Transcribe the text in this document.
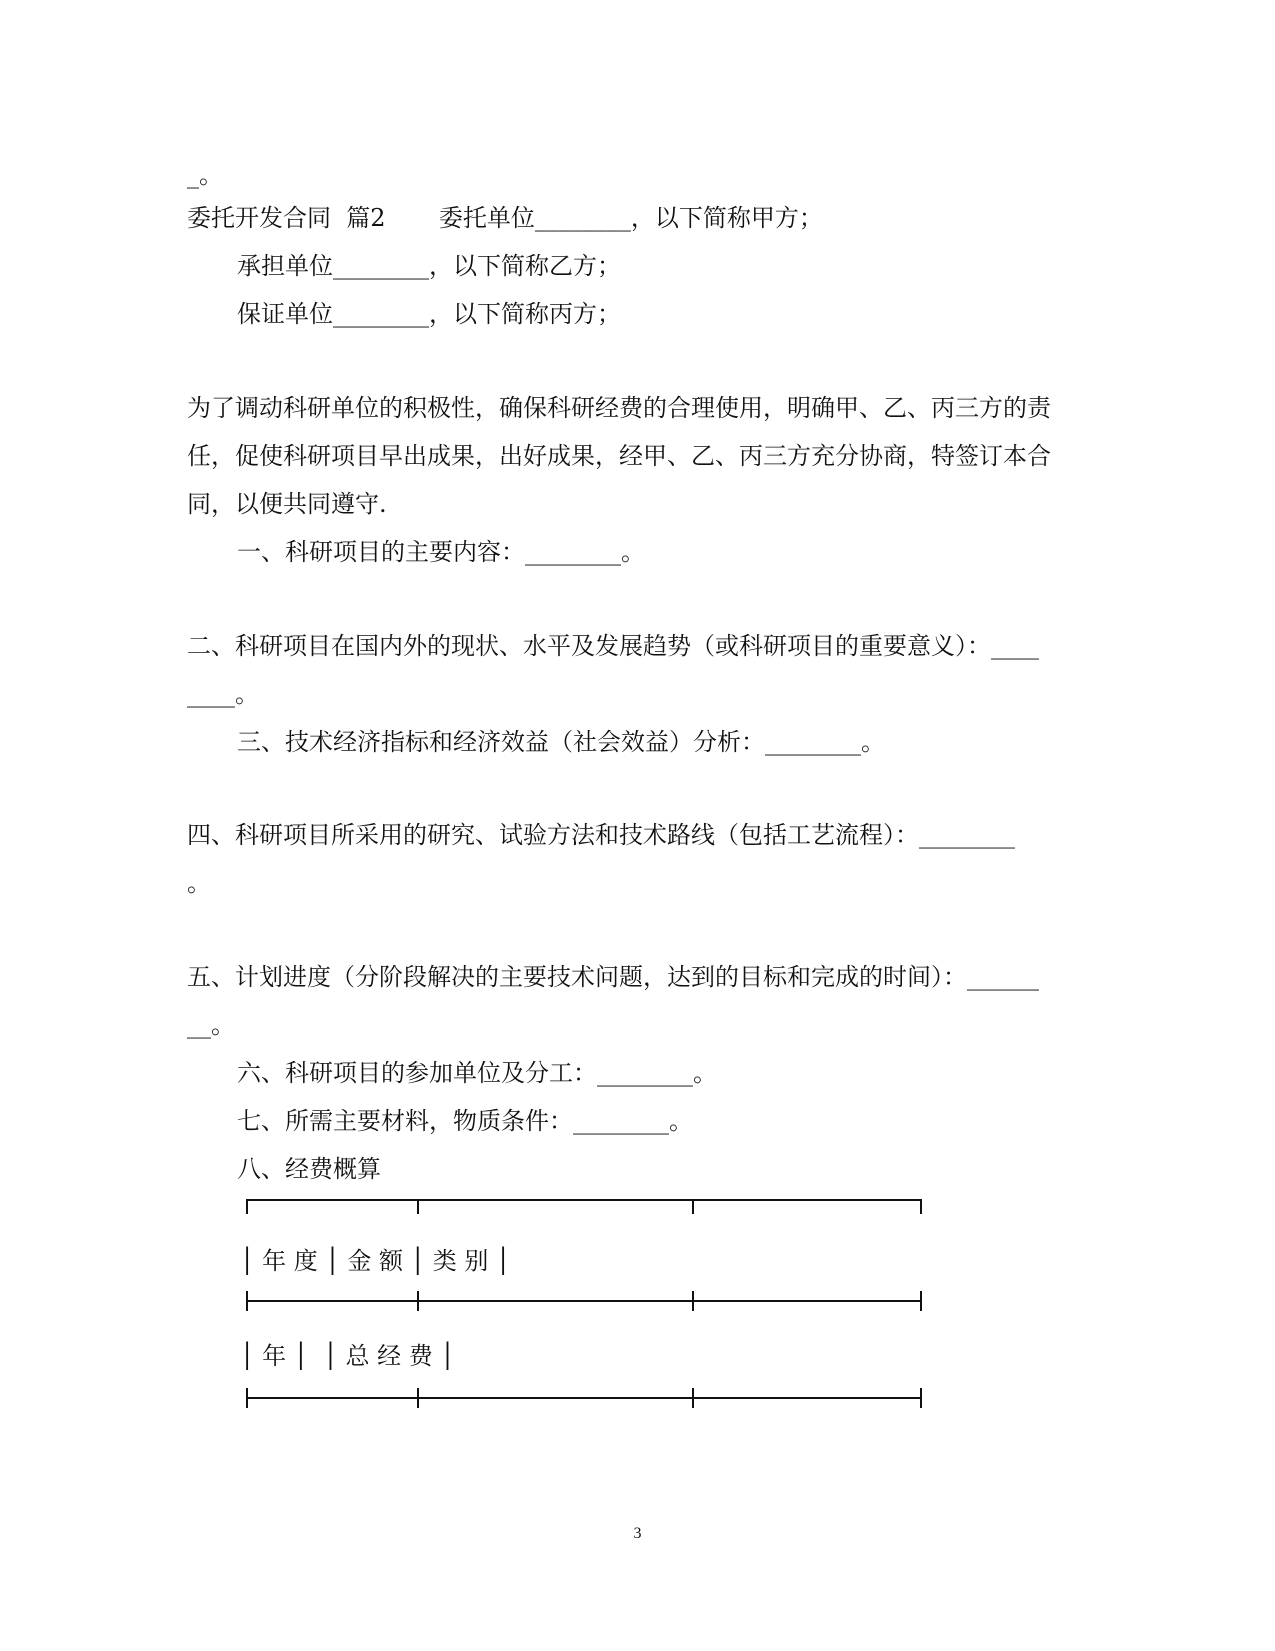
_。

委托开发合同  篇2       委托单位________，以下简称甲方；

承担单位________，以下简称乙方；

保证单位________，以下简称丙方；

为了调动科研单位的积极性，确保科研经费的合理使用，明确甲、乙、丙三方的责

任，促使科研项目早出成果，出好成果，经甲、乙、丙三方充分协商，特签订本合

同，以便共同遵守.

一、科研项目的主要内容：________。

二、科研项目在国内外的现状、水平及发展趋势（或科研项目的重要意义）：____

____。

三、技术经济指标和经济效益（社会效益）分析：________。

四、科研项目所采用的研究、试验方法和技术路线（包括工艺流程）：________

。

五、计划进度（分阶段解决的主要技术问题，达到的目标和完成的时间）：______

__。

六、科研项目的参加单位及分工：________。

七、所需主要材料，物质条件：________。

八、经费概算

│ 年 度 │ 金 额 │ 类 别 │
│ 年 │  │ 总 经 费 │
3
